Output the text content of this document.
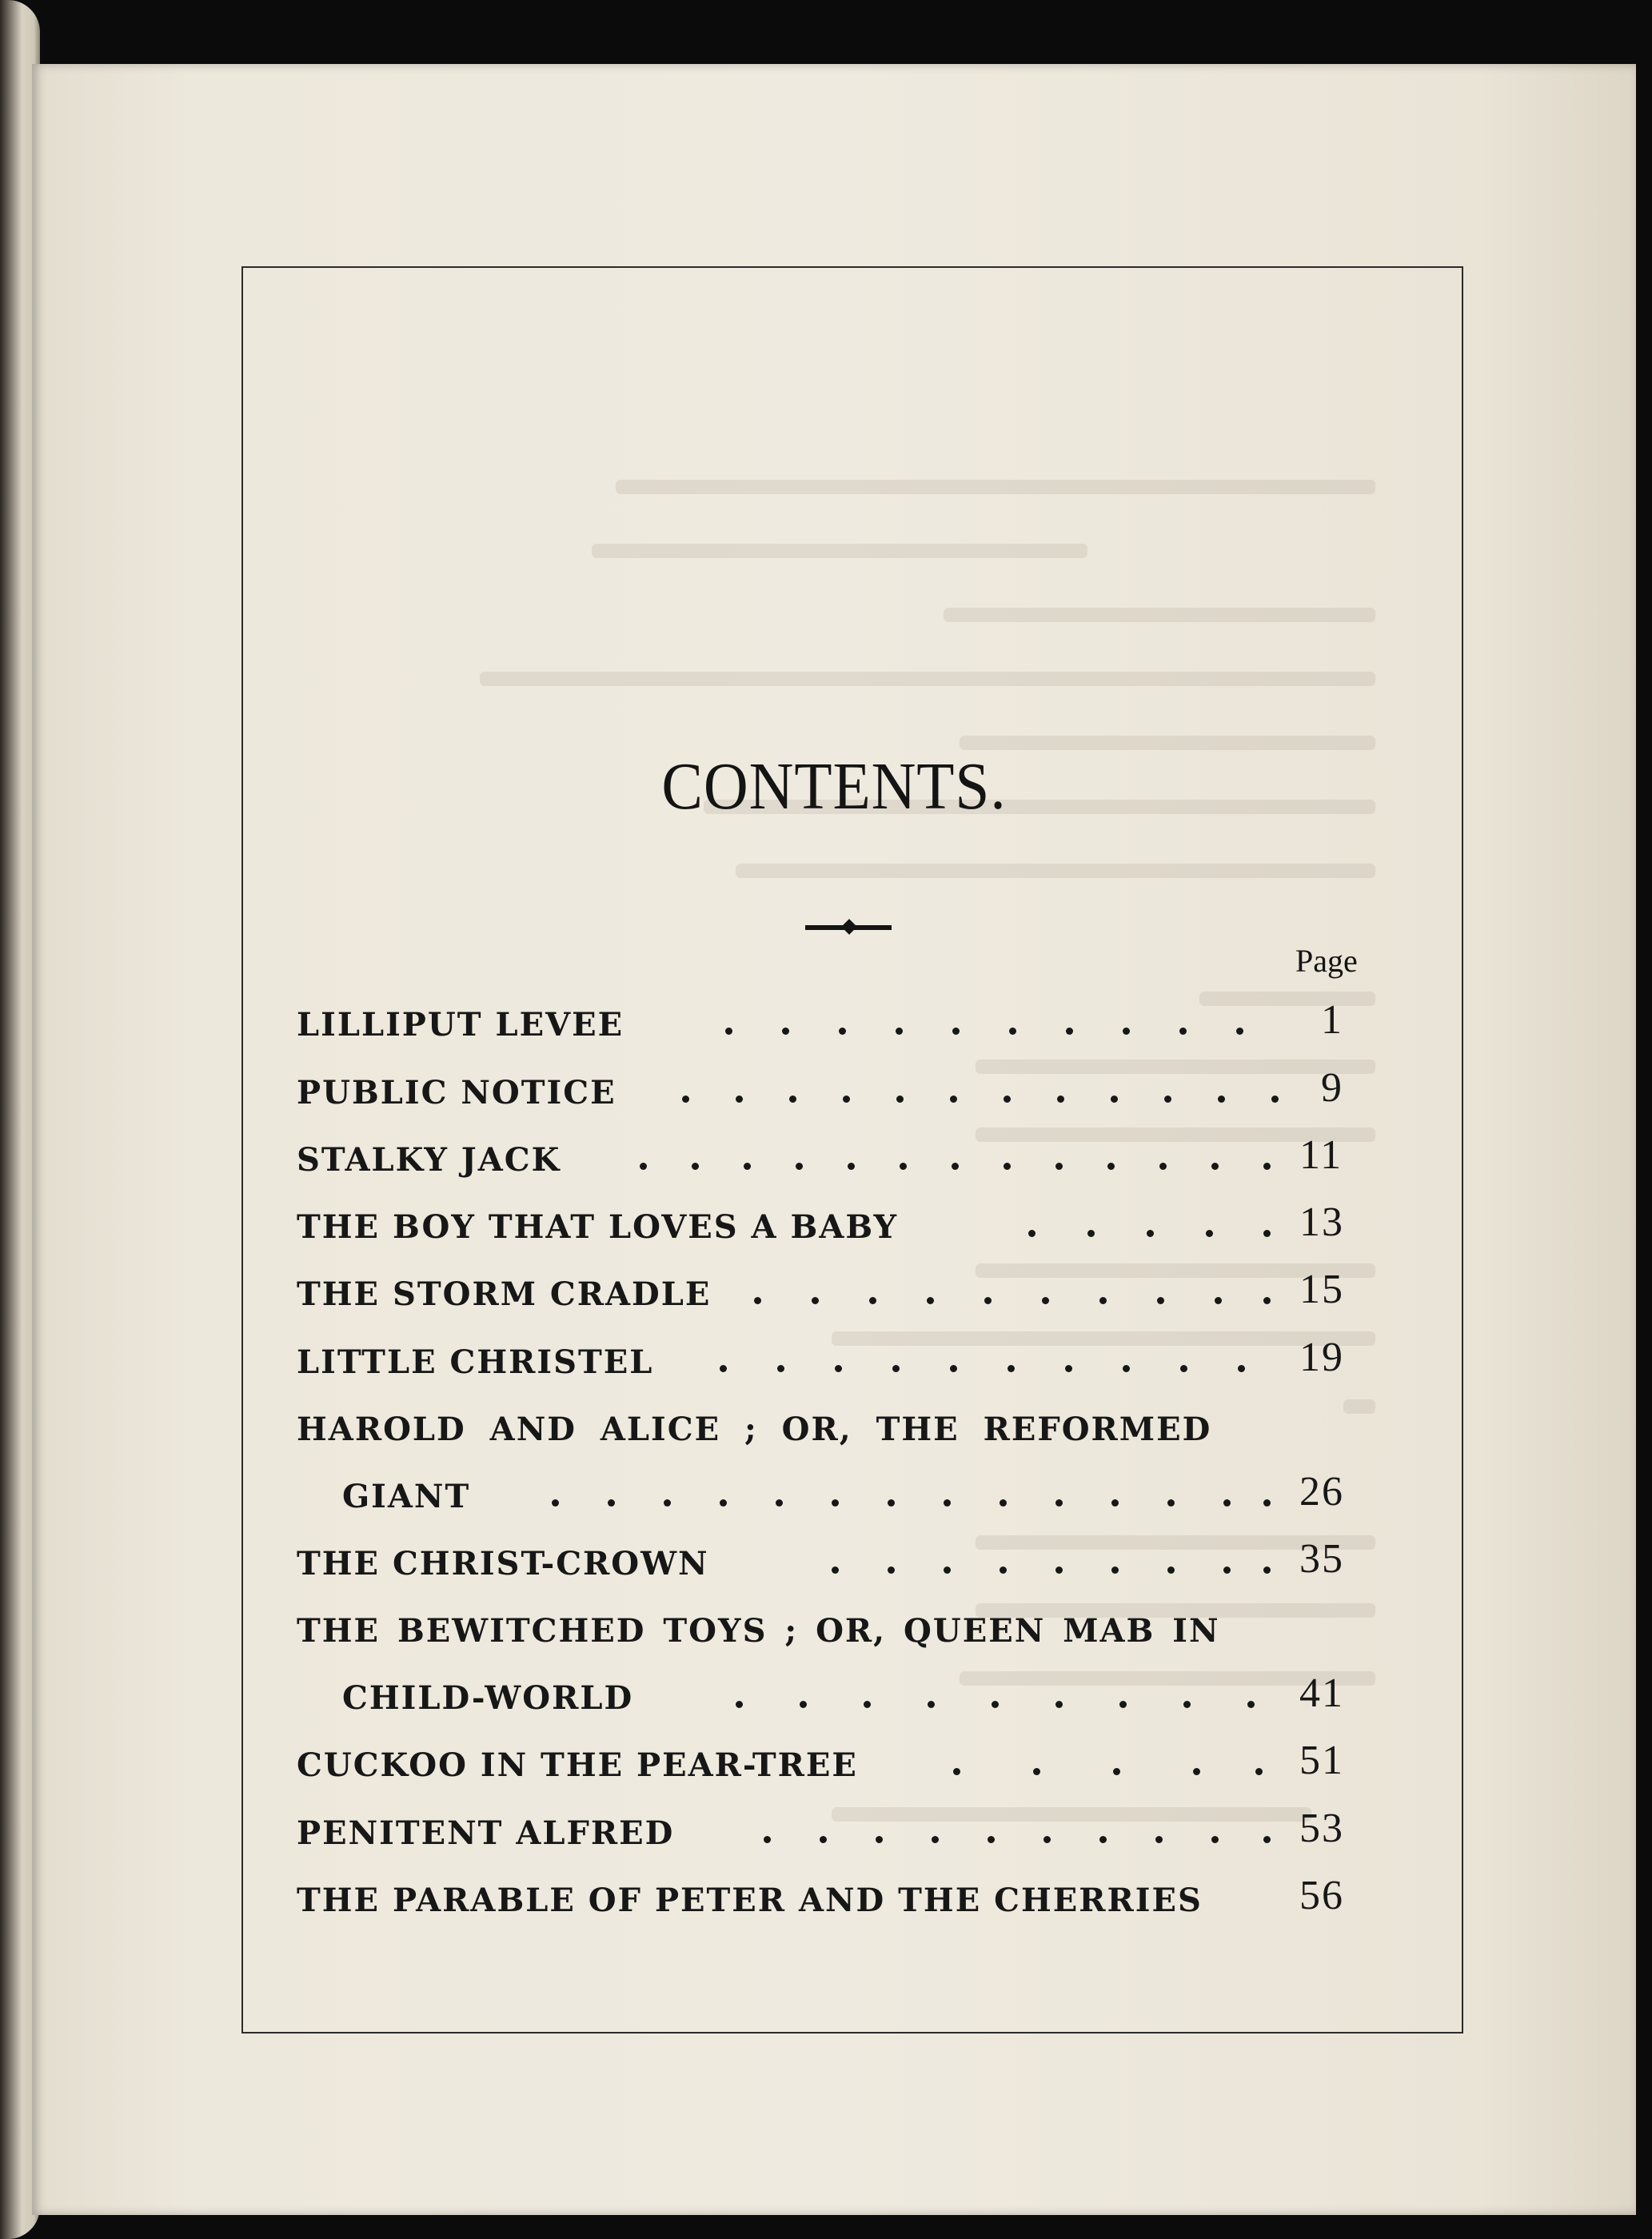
CONTENTS.
Page
LILLIPUT LEVEE	1
PUBLIC NOTICE	9
STALKY JACK	11
THE BOY THAT LOVES A BABY	13
THE STORM CRADLE	15
LITTLE CHRISTEL	19
HAROLD AND ALICE ; OR, THE REFORMED
GIANT	26
THE CHRIST-CROWN	35
THE BEWITCHED TOYS ; OR, QUEEN MAB IN
CHILD-WORLD	41
CUCKOO IN THE PEAR-TREE	51
PENITENT ALFRED	53
THE PARABLE OF PETER AND THE CHERRIES 56
